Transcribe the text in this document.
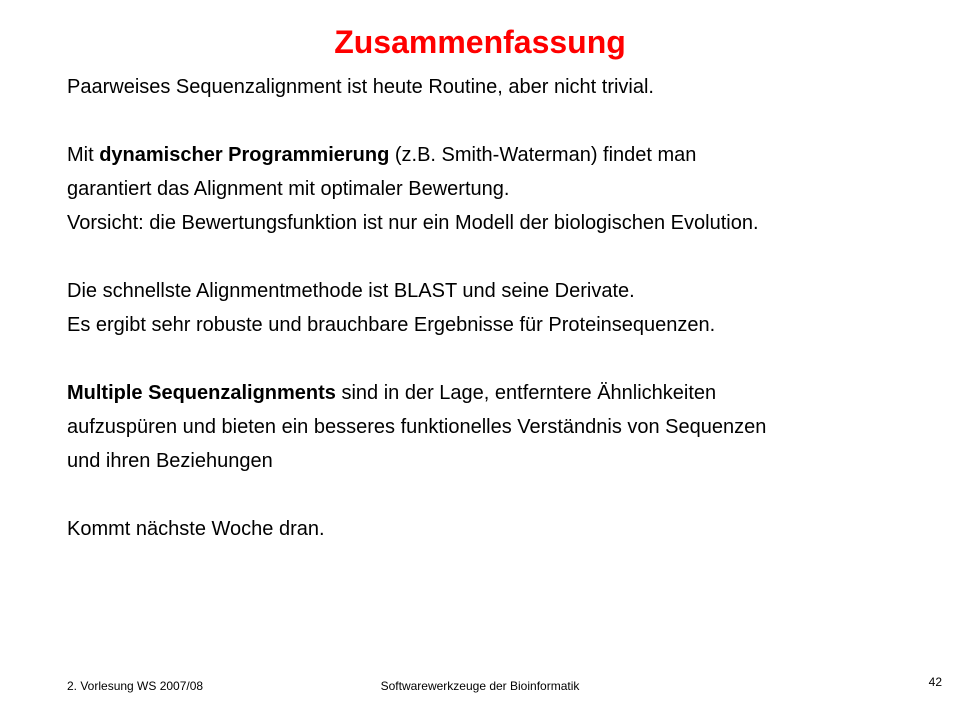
Zusammenfassung
Paarweises Sequenzalignment ist heute Routine, aber nicht trivial.
Mit dynamischer Programmierung (z.B. Smith-Waterman) findet man
garantiert das Alignment mit optimaler Bewertung.
Vorsicht: die Bewertungsfunktion ist nur ein Modell der biologischen Evolution.
Die schnellste Alignmentmethode ist BLAST und seine Derivate.
Es ergibt sehr robuste und brauchbare Ergebnisse für Proteinsequenzen.
Multiple Sequenzalignments sind in der Lage, entferntere Ähnlichkeiten
aufzuspüren und bieten ein besseres funktionelles Verständnis von Sequenzen
und ihren Beziehungen
Kommt nächste Woche dran.
2. Vorlesung WS 2007/08	Softwarewerkzeuge der Bioinformatik	42
